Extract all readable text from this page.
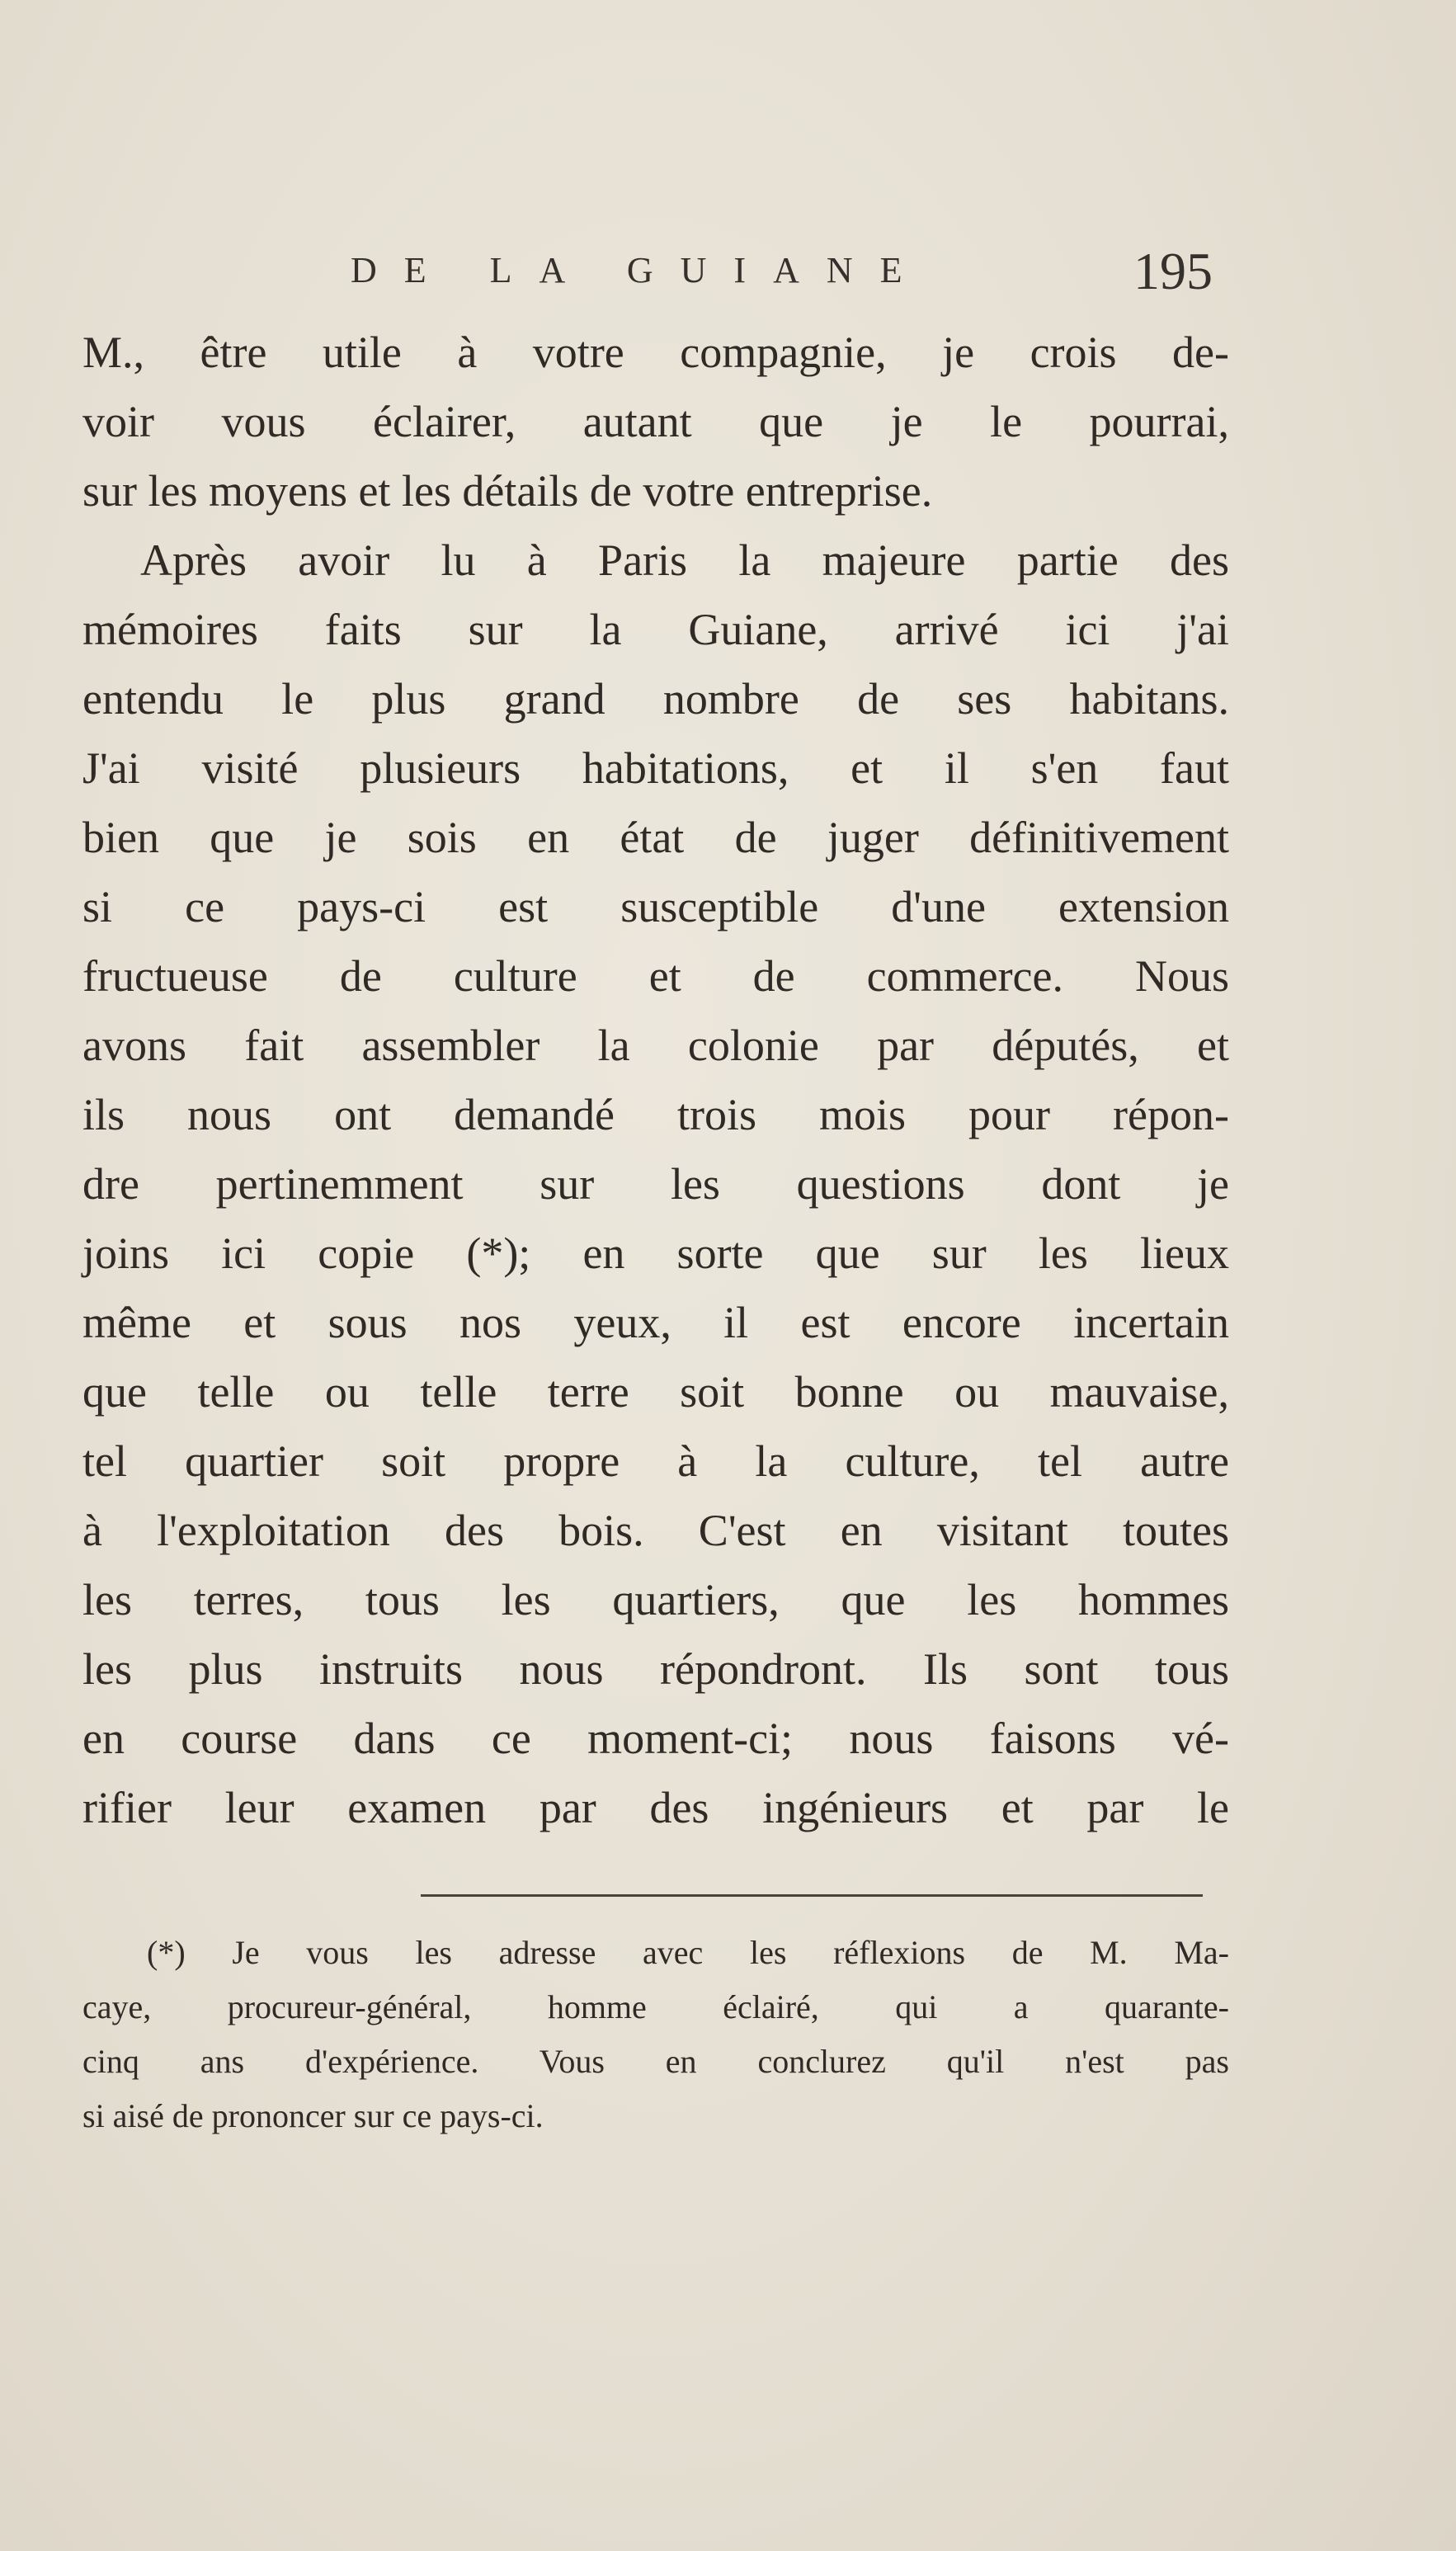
DE LA GUIANE	195
M., être utile à votre compagnie, je crois de-
voir vous éclairer, autant que je le pourrai,
sur les moyens et les détails de votre entreprise.
Après avoir lu à Paris la majeure partie des
mémoires faits sur la Guiane, arrivé ici j'ai
entendu le plus grand nombre de ses habitans.
J'ai visité plusieurs habitations, et il s'en faut
bien que je sois en état de juger définitivement
si ce pays-ci est susceptible d'une extension
fructueuse de culture et de commerce. Nous
avons fait assembler la colonie par députés, et
ils nous ont demandé trois mois pour répon-
dre pertinemment sur les questions dont je
joins ici copie (*); en sorte que sur les lieux
même et sous nos yeux, il est encore incertain
que telle ou telle terre soit bonne ou mauvaise,
tel quartier soit propre à la culture, tel autre
à l'exploitation des bois. C'est en visitant toutes
les terres, tous les quartiers, que les hommes
les plus instruits nous répondront. Ils sont tous
en course dans ce moment-ci; nous faisons vé-
rifier leur examen par des ingénieurs et par le
(*) Je vous les adresse avec les réflexions de M. Ma-
caye, procureur-général, homme éclairé, qui a quarante-
cinq ans d'expérience. Vous en conclurez qu'il n'est pas
si aisé de prononcer sur ce pays-ci.
